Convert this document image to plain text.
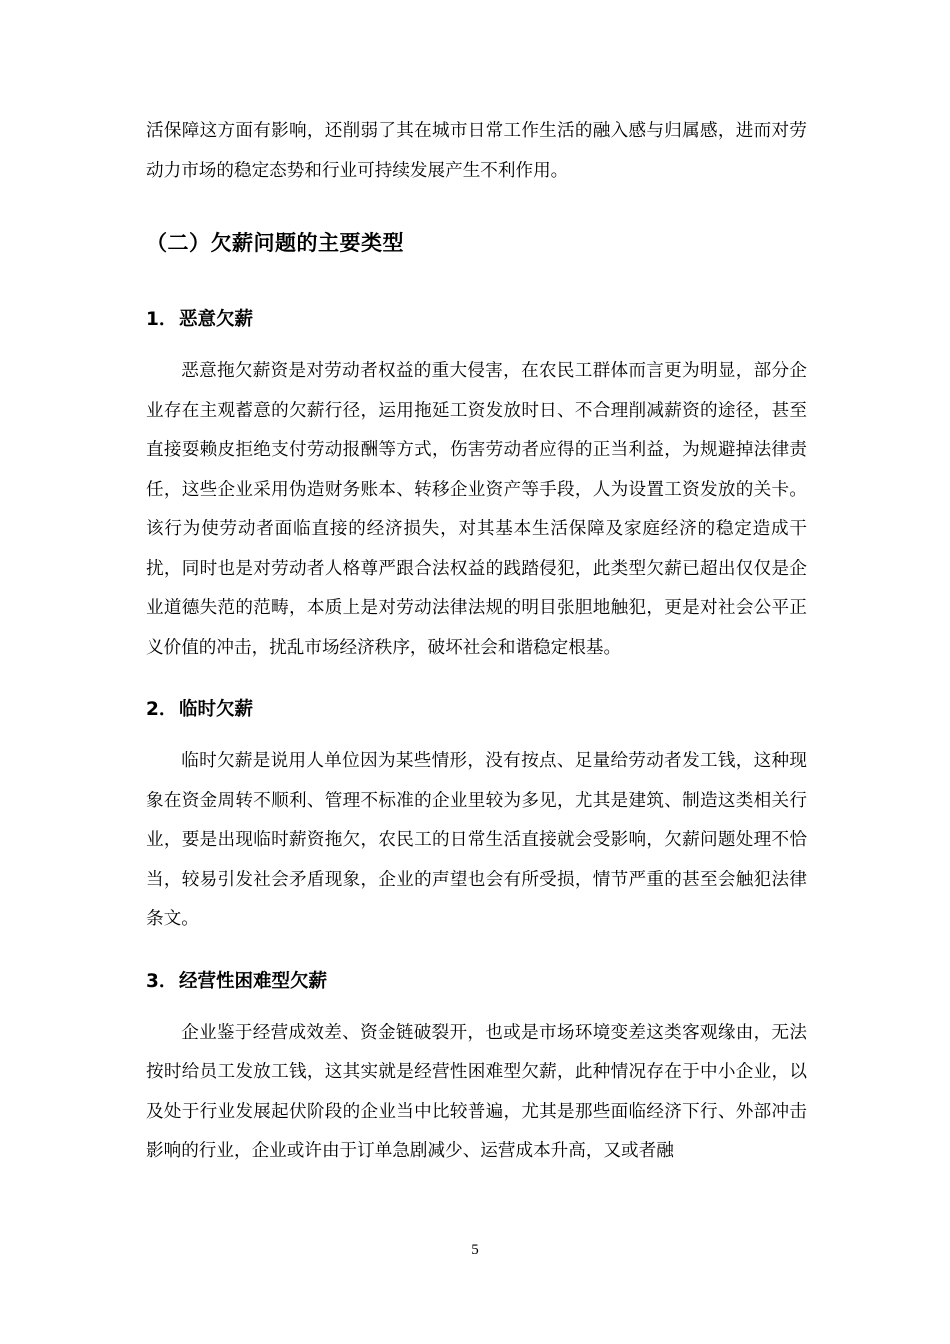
活保障这方面有影响，还削弱了其在城市日常工作生活的融入感与归属感，进而对劳动力市场的稳定态势和行业可持续发展产生不利作用。

（二）欠薪问题的主要类型
1．恶意欠薪

恶意拖欠薪资是对劳动者权益的重大侵害，在农民工群体而言更为明显，部分企业存在主观蓄意的欠薪行径，运用拖延工资发放时日、不合理削减薪资的途径，甚至直接耍赖皮拒绝支付劳动报酬等方式，伤害劳动者应得的正当利益，为规避掉法律责任，这些企业采用伪造财务账本、转移企业资产等手段，人为设置工资发放的关卡。该行为使劳动者面临直接的经济损失，对其基本生活保障及家庭经济的稳定造成干扰，同时也是对劳动者人格尊严跟合法权益的践踏侵犯，此类型欠薪已超出仅仅是企业道德失范的范畴，本质上是对劳动法律法规的明目张胆地触犯，更是对社会公平正义价值的冲击，扰乱市场经济秩序，破坏社会和谐稳定根基。

2．临时欠薪

临时欠薪是说用人单位因为某些情形，没有按点、足量给劳动者发工钱，这种现象在资金周转不顺利、管理不标准的企业里较为多见，尤其是建筑、制造这类相关行业，要是出现临时薪资拖欠，农民工的日常生活直接就会受影响，欠薪问题处理不恰当，较易引发社会矛盾现象，企业的声望也会有所受损，情节严重的甚至会触犯法律条文。

3．经营性困难型欠薪

企业鉴于经营成效差、资金链破裂开，也或是市场环境变差这类客观缘由，无法按时给员工发放工钱，这其实就是经营性困难型欠薪，此种情况存在于中小企业，以及处于行业发展起伏阶段的企业当中比较普遍，尤其是那些面临经济下行、外部冲击影响的行业，企业或许由于订单急剧减少、运营成本升高，又或者融

5
